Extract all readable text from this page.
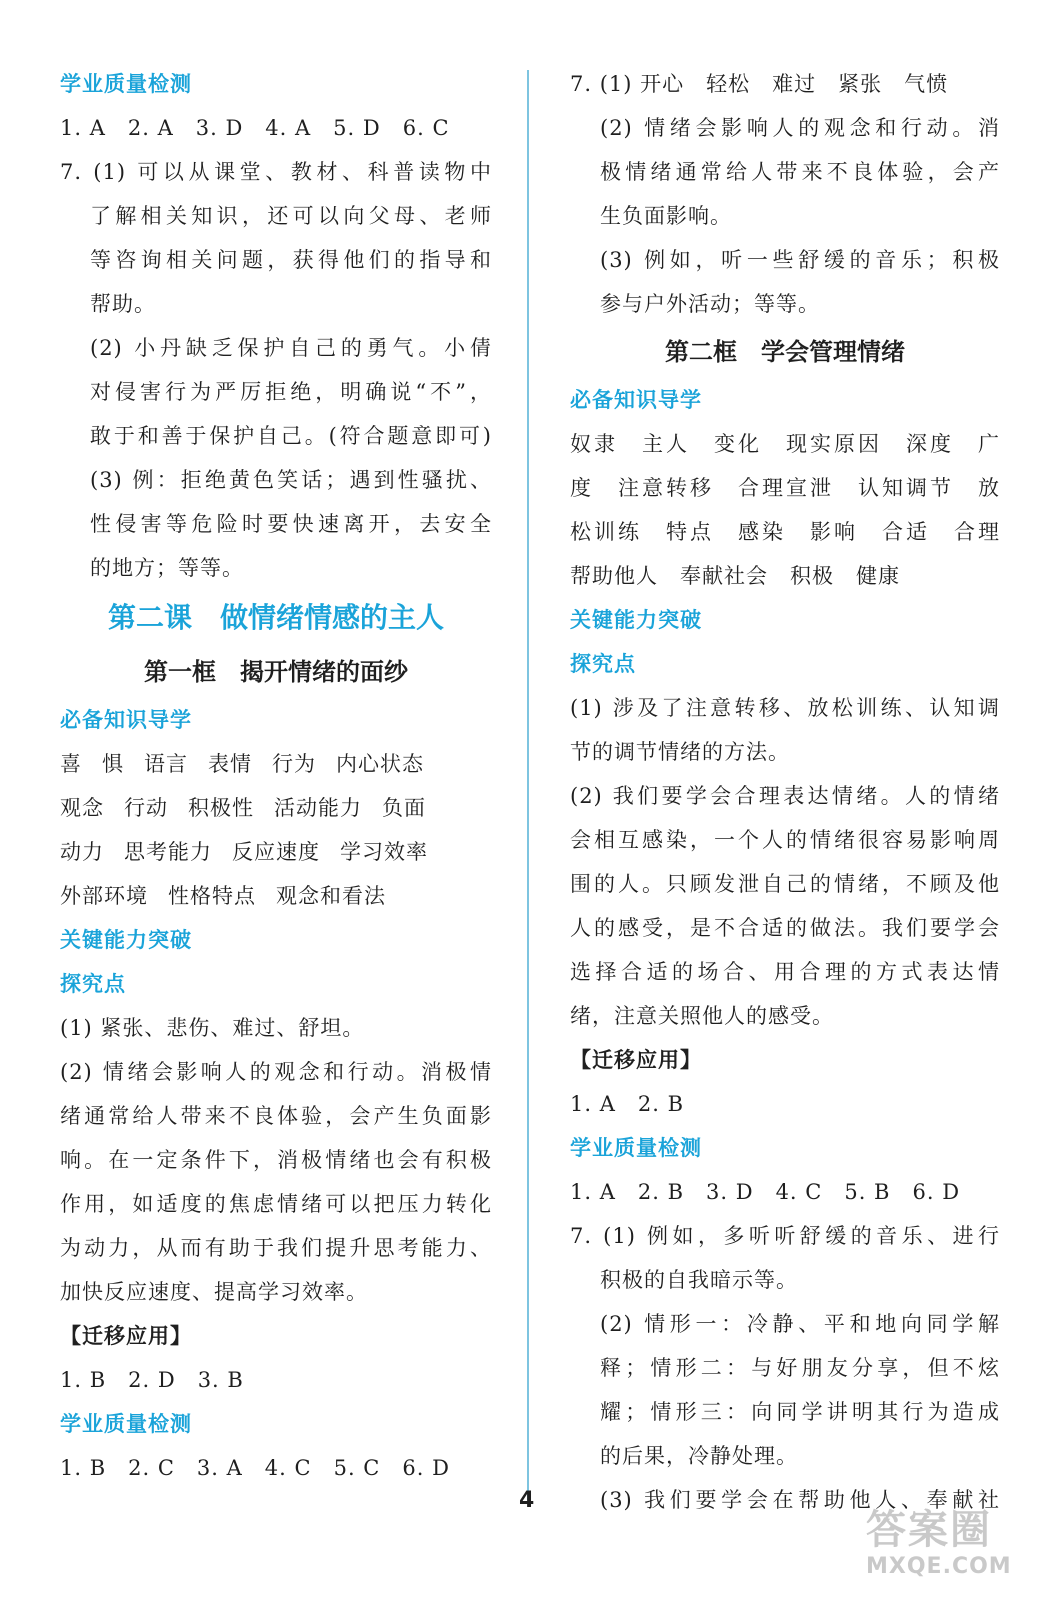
学业质量检测
1. A　2. A　3. D　4. A　5. D　6. C
7. (1) 可以从课堂、教材、科普读物中
了解相关知识，还可以向父母、老师
等咨询相关问题，获得他们的指导和
帮助。
(2) 小丹缺乏保护自己的勇气。小倩
对侵害行为严厉拒绝，明确说“不”，
敢于和善于保护自己。(符合题意即可)
(3) 例：拒绝黄色笑话；遇到性骚扰、
性侵害等危险时要快速离开，去安全
的地方；等等。
第二课　做情绪情感的主人
第一框　揭开情绪的面纱
必备知识导学
喜 惧 语言 表情 行为 内心状态
观念 行动 积极性 活动能力 负面
动力 思考能力 反应速度 学习效率
外部环境 性格特点 观念和看法
关键能力突破
探究点
(1) 紧张、悲伤、难过、舒坦。
(2) 情绪会影响人的观念和行动。消极情
绪通常给人带来不良体验，会产生负面影
响。在一定条件下，消极情绪也会有积极
作用，如适度的焦虑情绪可以把压力转化
为动力，从而有助于我们提升思考能力、
加快反应速度、提高学习效率。
【迁移应用】
1. B　2. D　3. B
学业质量检测
1. B　2. C　3. A　4. C　5. C　6. D
7. (1) 开心　轻松　难过　紧张　气愤
(2) 情绪会影响人的观念和行动。消
极情绪通常给人带来不良体验，会产
生负面影响。
(3) 例如，听一些舒缓的音乐；积极
参与户外活动；等等。
第二框　学会管理情绪
必备知识导学
奴隶　主人　变化　现实原因　深度　广
度　注意转移　合理宣泄　认知调节　放
松训练　特点　感染　影响　合适　合理
帮助他人　奉献社会　积极　健康
关键能力突破
探究点
(1) 涉及了注意转移、放松训练、认知调
节的调节情绪的方法。
(2) 我们要学会合理表达情绪。人的情绪
会相互感染，一个人的情绪很容易影响周
围的人。只顾发泄自己的情绪，不顾及他
人的感受，是不合适的做法。我们要学会
选择合适的场合、用合理的方式表达情
绪，注意关照他人的感受。
【迁移应用】
1. A　2. B
学业质量检测
1. A　2. B　3. D　4. C　5. B　6. D
7. (1) 例如，多听听舒缓的音乐、进行
积极的自我暗示等。
(2) 情形一：冷静、平和地向同学解
释；情形二：与好朋友分享，但不炫
耀；情形三：向同学讲明其行为造成
的后果，冷静处理。
(3) 我们要学会在帮助他人、奉献社
4
答案圈
MXQE.COM
